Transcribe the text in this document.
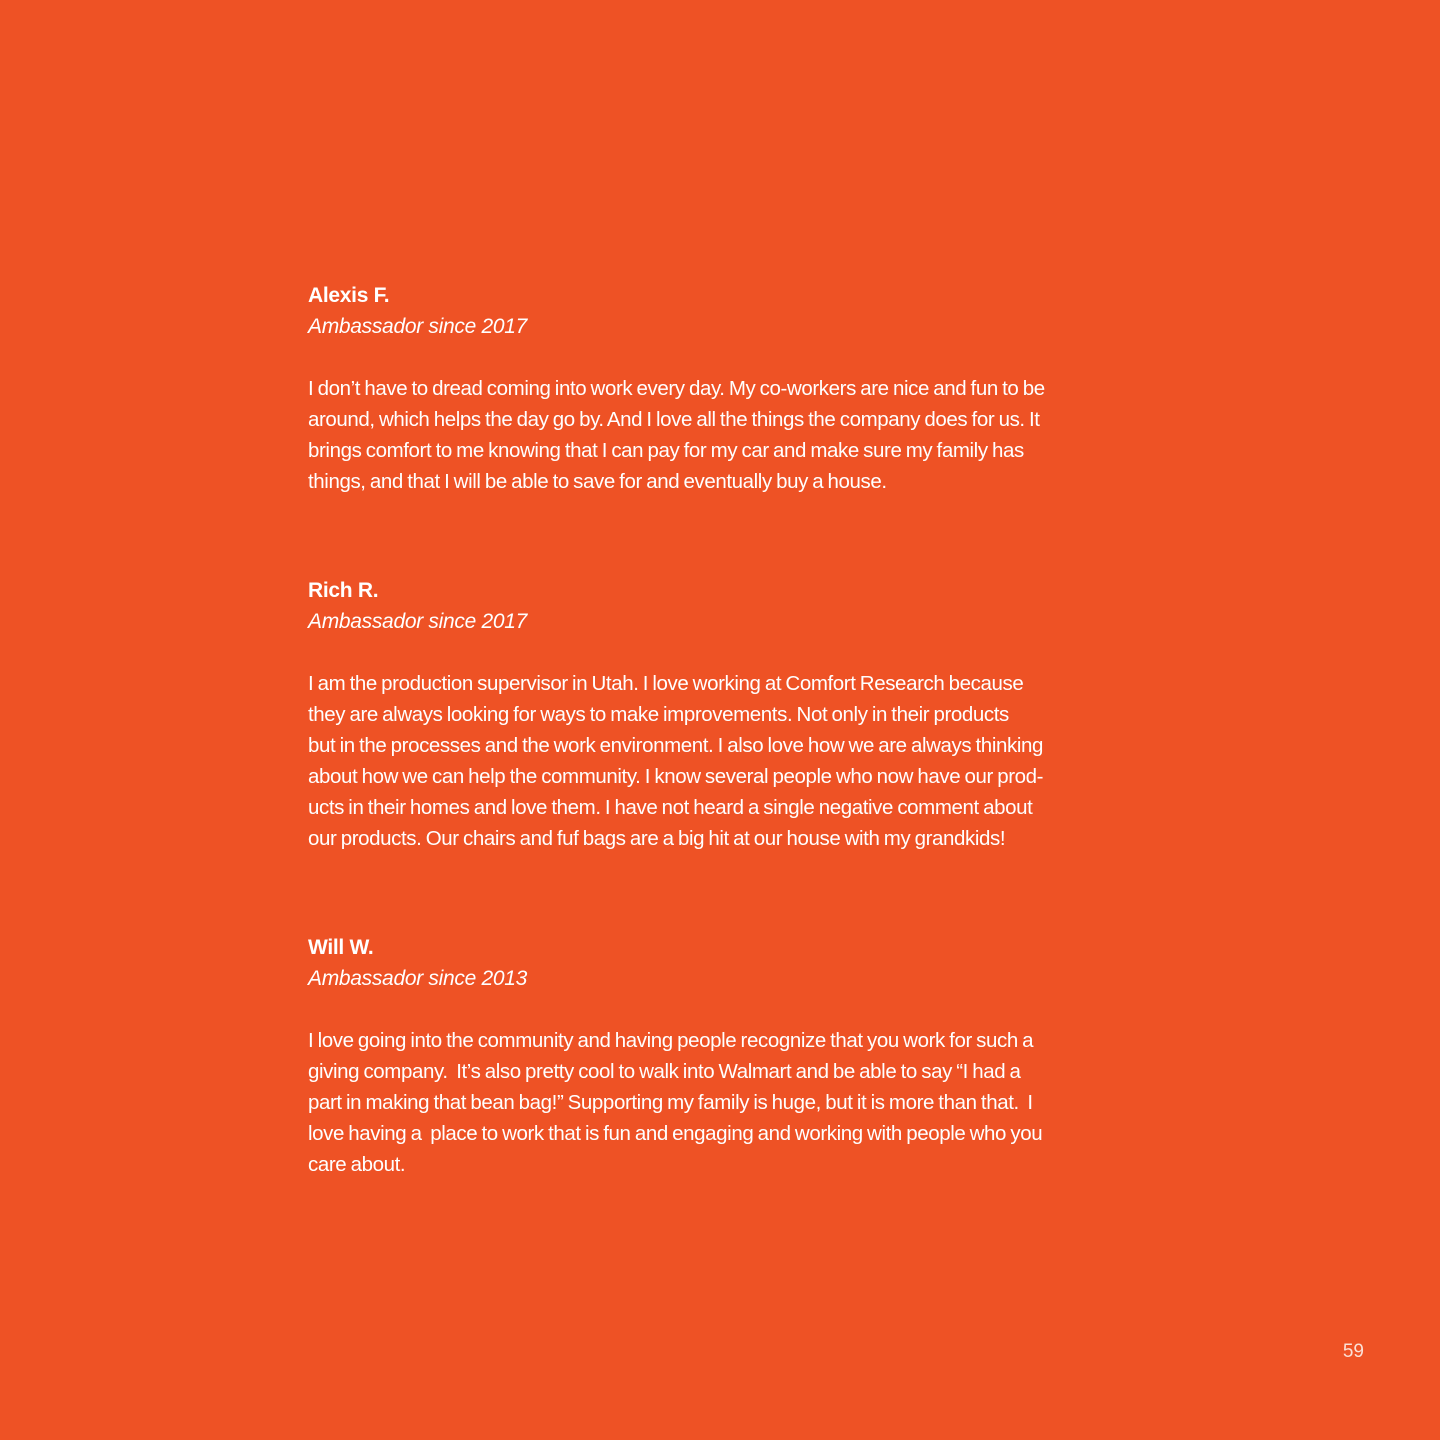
Alexis F.
Ambassador since 2017
I don’t have to dread coming into work every day. My co-workers are nice and fun to be
around, which helps the day go by. And I love all the things the company does for us. It
brings comfort to me knowing that I can pay for my car and make sure my family has
things, and that I will be able to save for and eventually buy a house.
Rich R.
Ambassador since 2017
I am the production supervisor in Utah. I love working at Comfort Research because
they are always looking for ways to make improvements. Not only in their products
but in the processes and the work environment. I also love how we are always thinking
about how we can help the community. I know several people who now have our prod-
ucts in their homes and love them. I have not heard a single negative comment about
our products. Our chairs and fuf bags are a big hit at our house with my grandkids!
Will W.
Ambassador since 2013
I love going into the community and having people recognize that you work for such a
giving company.  It’s also pretty cool to walk into Walmart and be able to say “I had a
part in making that bean bag!” Supporting my family is huge, but it is more than that.  I
love having a  place to work that is fun and engaging and working with people who you
care about.
59
